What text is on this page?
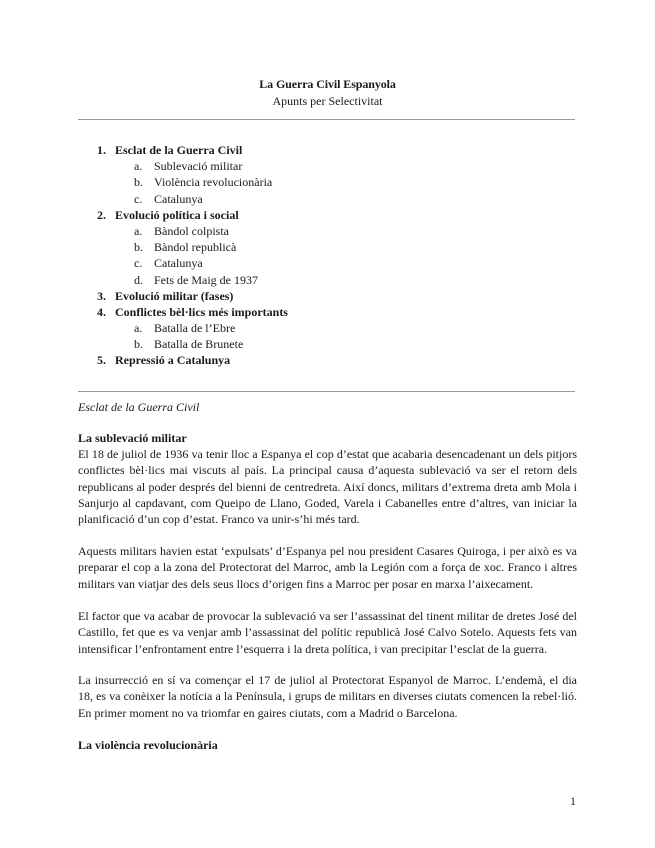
La Guerra Civil Espanyola
Apunts per Selectivitat
1. Esclat de la Guerra Civil
a. Sublevació militar
b. Violència revolucionària
c. Catalunya
2. Evolució política i social
a. Bàndol colpista
b. Bàndol republicà
c. Catalunya
d. Fets de Maig de 1937
3. Evolució militar (fases)
4. Conflictes bèl·lics més importants
a. Batalla de l’Ebre
b. Batalla de Brunete
5. Repressió a Catalunya
Esclat de la Guerra Civil
La sublevació militar
El 18 de juliol de 1936 va tenir lloc a Espanya el cop d’estat que acabaria desencadenant un dels pitjors conflictes bèl·lics mai viscuts al país. La principal causa d’aquesta sublevació va ser el retorn dels republicans al poder després del bienni de centredreta. Així doncs, militars d’extrema dreta amb Mola i Sanjurjo al capdavant, com Queipo de Llano, Goded, Varela i Cabanelles entre d’altres, van iniciar la planificació d’un cop d’estat. Franco va unir-s’hi més tard.
Aquests militars havien estat ‘expulsats’ d’Espanya pel nou president Casares Quiroga, i per això es va preparar el cop a la zona del Protectorat del Marroc, amb la Legión com a força de xoc. Franco i altres militars van viatjar des dels seus llocs d’origen fins a Marroc per posar en marxa l’aixecament.
El factor que va acabar de provocar la sublevació va ser l’assassinat del tinent militar de dretes José del Castillo, fet que es va venjar amb l’assassinat del polític republicà José Calvo Sotelo. Aquests fets van intensificar l’enfrontament entre l’esquerra i la dreta política, i van precipitar l’esclat de la guerra.
La insurrecció en sí va començar el 17 de juliol al Protectorat Espanyol de Marroc. L’endemà, el dia 18, es va conèixer la notícia a la Península, i grups de militars en diverses ciutats comencen la rebel·lió. En primer moment no va triomfar en gaires ciutats, com a Madrid o Barcelona.
La violència revolucionària
1
